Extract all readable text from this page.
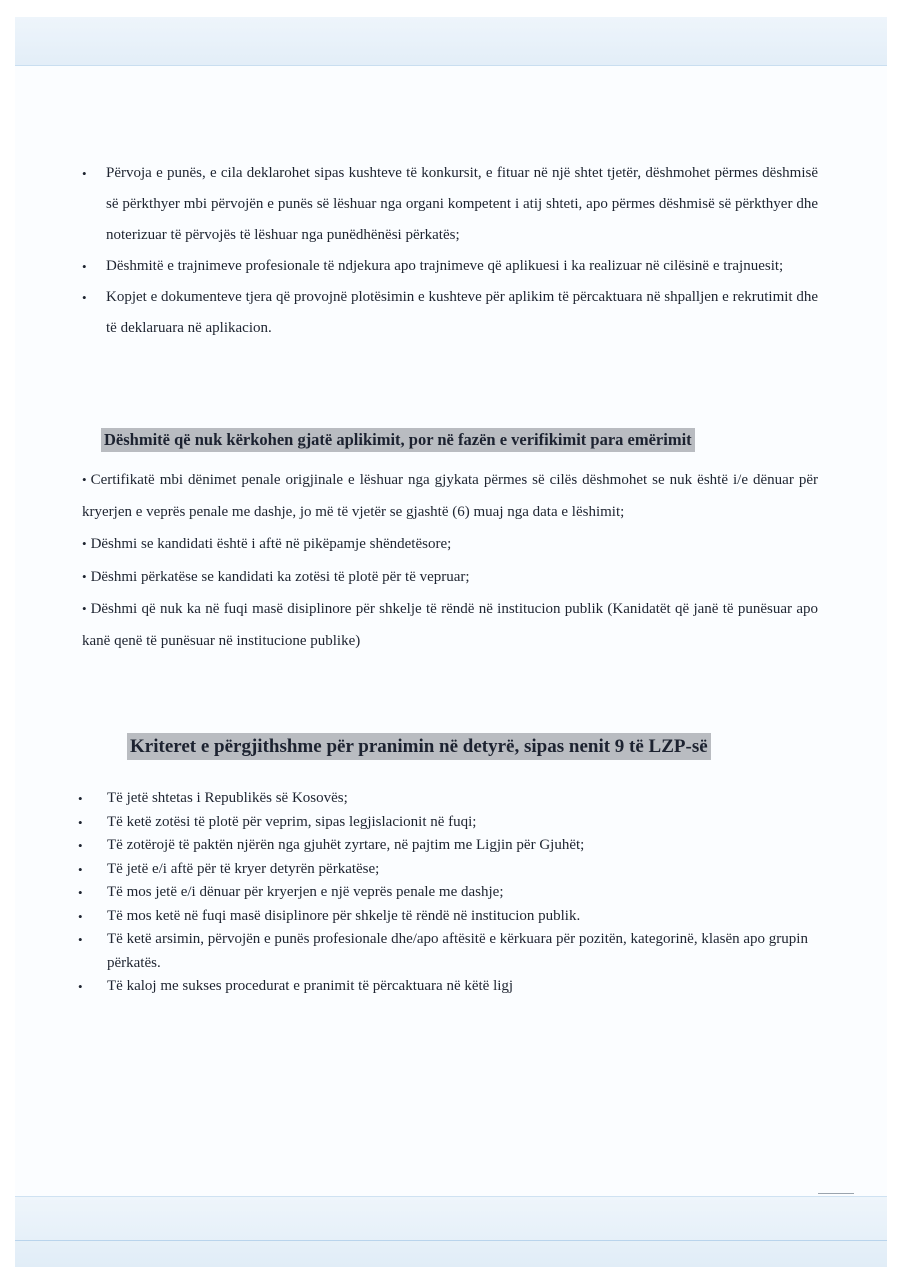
• Përvoja e punës, e cila deklarohet sipas kushteve të konkursit, e fituar në një shtet tjetër, dëshmohet përmes dëshmisë së përkthyer mbi përvojën e punës së lëshuar nga organi kompetent i atij shteti, apo përmes dëshmisë së përkthyer dhe noterizuar të përvojës të lëshuar nga punëdhënësi përkatës;
• Dëshmitë e trajnimeve profesionale të ndjekura apo trajnimeve që aplikuesi i ka realizuar në cilësinë e trajnuesit;
• Kopjet e dokumenteve tjera që provojnë plotësimin e kushteve për aplikim të përcaktuara në shpalljen e rekrutimit dhe të deklaruara në aplikacion.
Dëshmitë që nuk kërkohen gjatë aplikimit, por në fazën e verifikimit para emërimit
• Certifikatë mbi dënimet penale origjinale e lëshuar nga gjykata përmes së cilës dëshmohet se nuk është i/e dënuar për kryerjen e veprës penale me dashje, jo më të vjetër se gjashtë (6) muaj nga data e lëshimit;
• Dëshmi se kandidati është i aftë në pikëpamje shëndetësore;
• Dëshmi përkatëse se kandidati ka zotësi të plotë për të vepruar;
• Dëshmi që nuk ka në fuqi masë disiplinore për shkelje të rëndë në institucion publik (Kanidatët që janë të punësuar apo kanë qenë të punësuar në institucione publike)
Kriteret e përgjithshme për pranimin në detyrë, sipas nenit 9 të LZP-së
• Të jetë shtetas i Republikës së Kosovës;
• Të ketë zotësi të plotë për veprim, sipas legjislacionit në fuqi;
• Të zotërojë të paktën njërën nga gjuhët zyrtare, në pajtim me Ligjin për Gjuhët;
• Të jetë e/i aftë për të kryer detyrën përkatëse;
• Të mos jetë e/i dënuar për kryerjen e një veprës penale me dashje;
• Të mos ketë në fuqi masë disiplinore për shkelje të rëndë në institucion publik.
• Të ketë arsimin, përvojën e punës profesionale dhe/apo aftësitë e kërkuara për pozitën, kategorinë, klasën apo grupin përkatës.
• Të kaloj me sukses procedurat e pranimit të përcaktuara në këtë ligj
